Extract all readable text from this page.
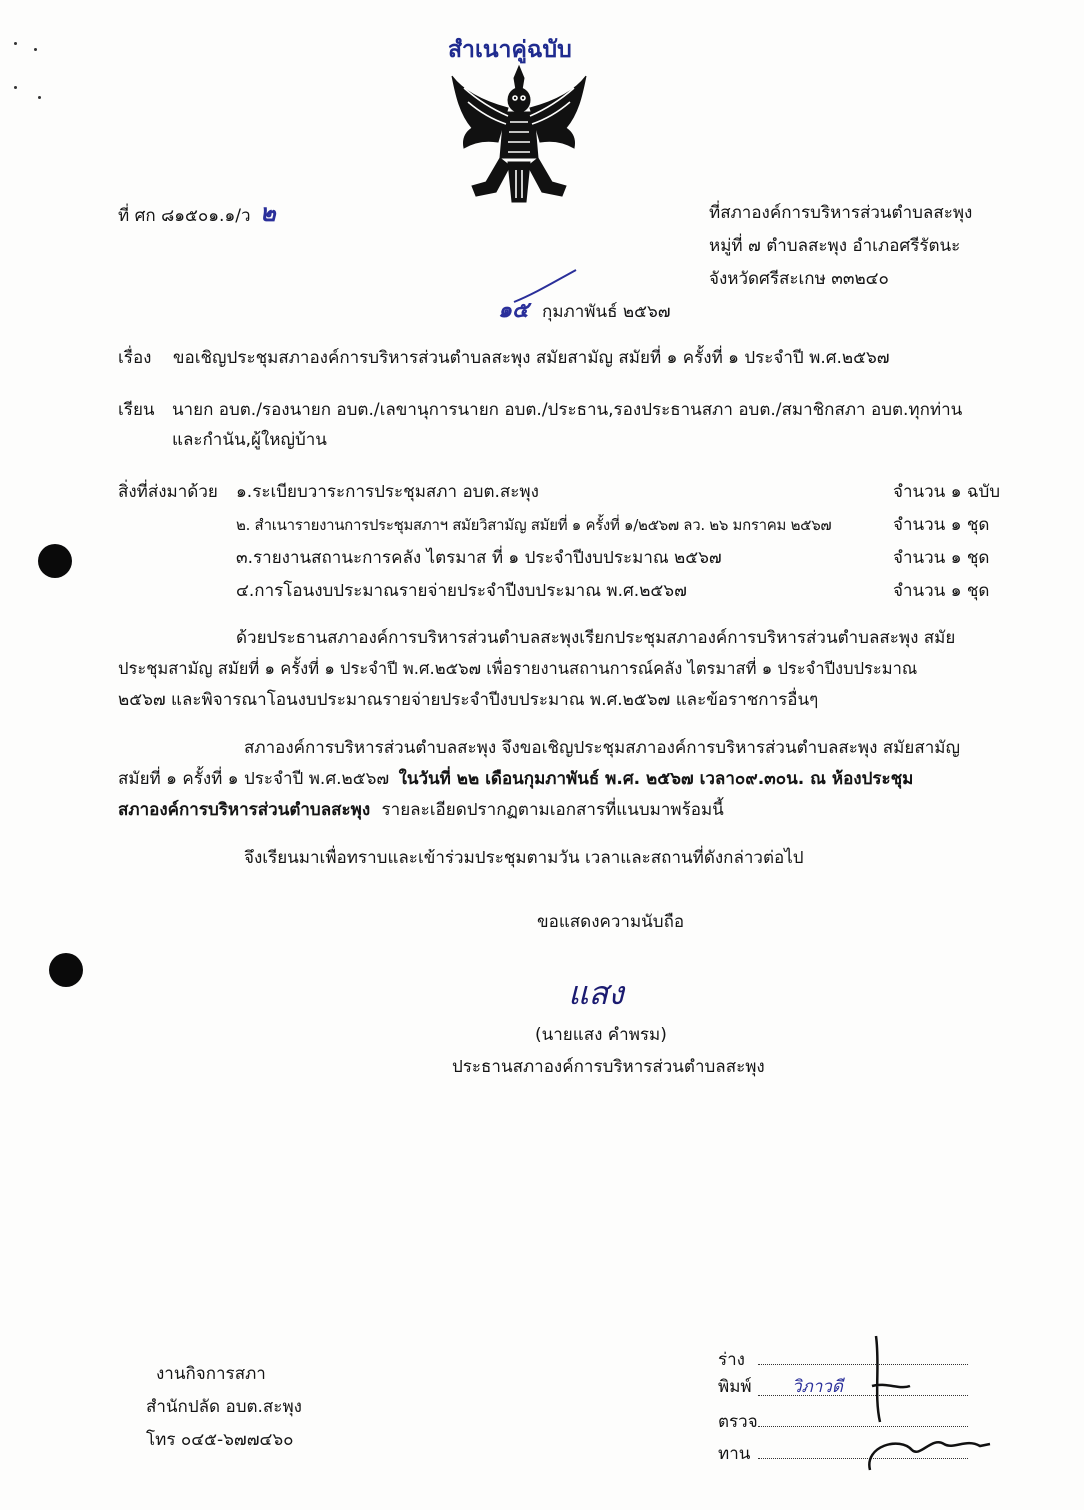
สำเนาคู่ฉบับ
ที่ ศก ๘๑๕๐๑.๑/ว ๒	ที่สภาองค์การบริหารส่วนตำบลสะพุง
หมู่ที่ ๗ ตำบลสะพุง อำเภอศรีรัตนะ
จังหวัดศรีสะเกษ ๓๓๒๔๐
๑๕ กุมภาพันธ์ ๒๕๖๗
เรื่อง ขอเชิญประชุมสภาองค์การบริหารส่วนตำบลสะพุง สมัยสามัญ สมัยที่ ๑ ครั้งที่ ๑ ประจำปี พ.ศ.๒๕๖๗
เรียน นายก อบต./รองนายก อบต./เลขานุการนายก อบต./ประธาน,รองประธานสภา อบต./สมาชิกสภา อบต.ทุกท่าน
และกำนัน,ผู้ใหญ่บ้าน
สิ่งที่ส่งมาด้วย ๑.ระเบียบวาระการประชุมสภา อบต.สะพุง	จำนวน ๑ ฉบับ
๒. สำเนารายงานการประชุมสภาฯ สมัยวิสามัญ สมัยที่ ๑ ครั้งที่ ๑/๒๕๖๗ ลว. ๒๖ มกราคม ๒๕๖๗	จำนวน ๑ ชุด
๓.รายงานสถานะการคลัง ไตรมาส ที่ ๑ ประจำปีงบประมาณ ๒๕๖๗	จำนวน ๑ ชุด
๔.การโอนงบประมาณรายจ่ายประจำปีงบประมาณ พ.ศ.๒๕๖๗	จำนวน ๑ ชุด
ด้วยประธานสภาองค์การบริหารส่วนตำบลสะพุงเรียกประชุมสภาองค์การบริหารส่วนตำบลสะพุง สมัย
ประชุมสามัญ สมัยที่ ๑ ครั้งที่ ๑ ประจำปี พ.ศ.๒๕๖๗ เพื่อรายงานสถานการณ์คลัง ไตรมาสที่ ๑ ประจำปีงบประมาณ
๒๕๖๗ และพิจารณาโอนงบประมาณรายจ่ายประจำปีงบประมาณ พ.ศ.๒๕๖๗ และข้อราชการอื่นๆ
สภาองค์การบริหารส่วนตำบลสะพุง จึงขอเชิญประชุมสภาองค์การบริหารส่วนตำบลสะพุง สมัยสามัญ
สมัยที่ ๑ ครั้งที่ ๑ ประจำปี พ.ศ.๒๕๖๗ ในวันที่ ๒๒ เดือนกุมภาพันธ์ พ.ศ. ๒๕๖๗ เวลา๐๙.๓๐น. ณ ห้องประชุม
สภาองค์การบริหารส่วนตำบลสะพุง รายละเอียดปรากฏตามเอกสารที่แนบมาพร้อมนี้
จึงเรียนมาเพื่อทราบและเข้าร่วมประชุมตามวัน เวลาและสถานที่ดังกล่าวต่อไป
ขอแสดงความนับถือ
แสง
(นายแสง คำพรม)
ประธานสภาองค์การบริหารส่วนตำบลสะพุง
งานกิจการสภา
สำนักปลัด อบต.สะพุง
โทร ๐๔๕-๖๗๗๔๖๐
ร่าง
พิมพ์ วิภาวดี
ตรวจ
ทาน
